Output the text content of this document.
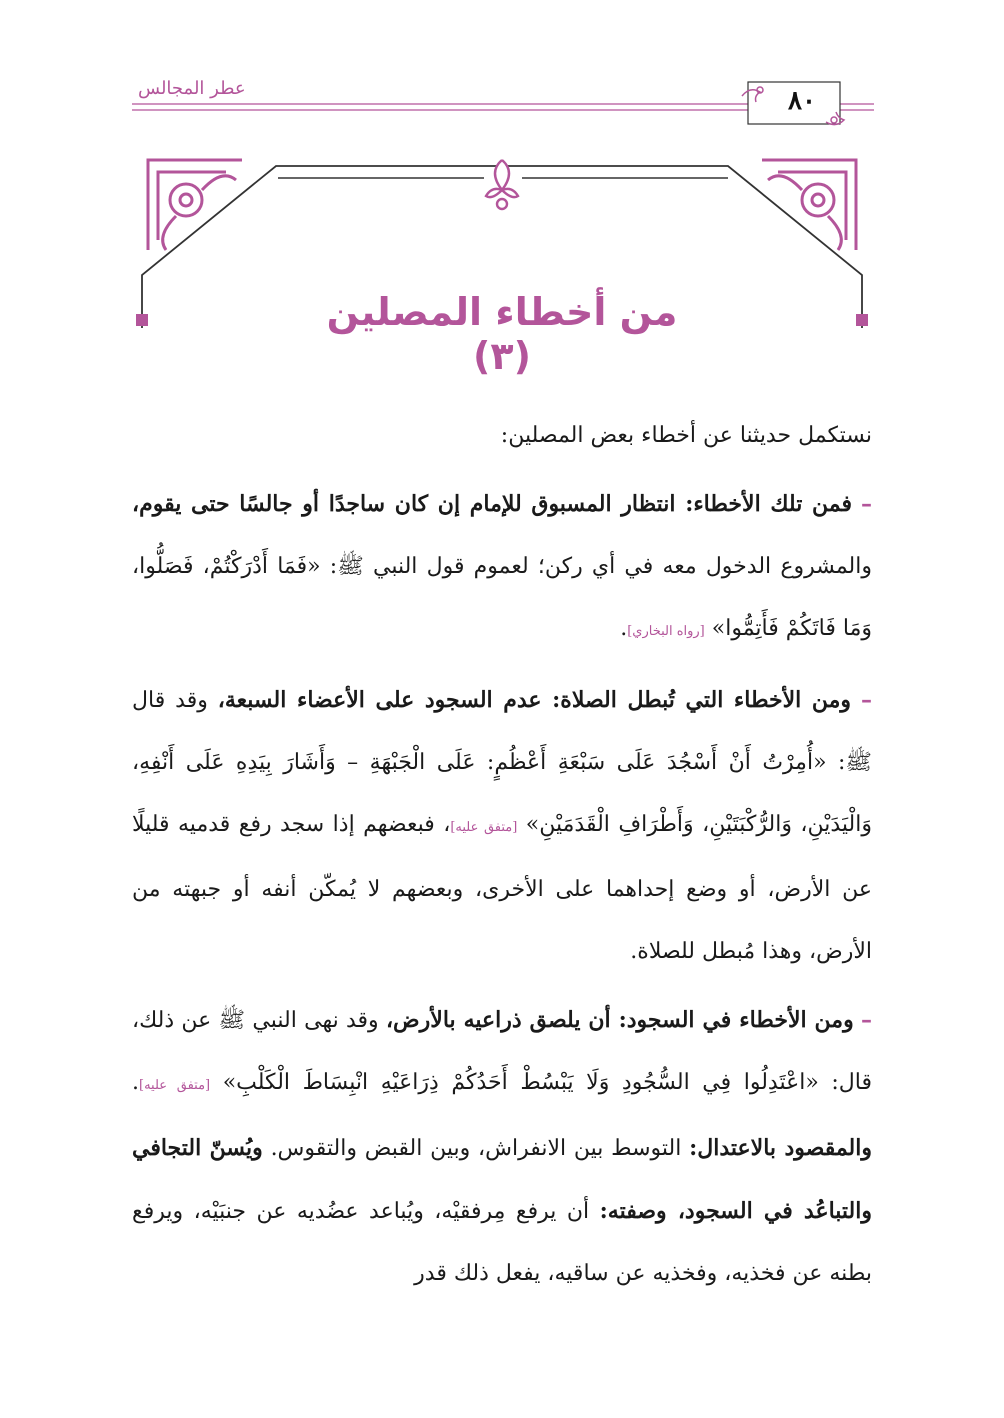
عطر المجالس	٨٠
من أخطاء المصلين (٣)

نستكمل حديثنا عن أخطاء بعض المصلين:

– فمن تلك الأخطاء: انتظار المسبوق للإمام إن كان ساجدًا أو جالسًا حتى يقوم، والمشروع الدخول معه في أي ركن؛ لعموم قول النبي ﷺ: «فَمَا أَدْرَكْتُمْ، فَصَلُّوا، وَمَا فَاتَكُمْ فَأَتِمُّوا» [رواه البخاري].

– ومن الأخطاء التي تُبطل الصلاة: عدم السجود على الأعضاء السبعة، وقد قال ﷺ: «أُمِرْتُ أَنْ أَسْجُدَ عَلَى سَبْعَةِ أَعْظُمٍ: عَلَى الْجَبْهَةِ – وَأَشَارَ بِيَدِهِ عَلَى أَنْفِهِ، وَالْيَدَيْنِ، وَالرُّكْبَتَيْنِ، وَأَطْرَافِ الْقَدَمَيْنِ» [متفق عليه]، فبعضهم إذا سجد رفع قدميه قليلًا عن الأرض، أو وضع إحداهما على الأخرى، وبعضهم لا يُمكّن أنفه أو جبهته من الأرض، وهذا مُبطل للصلاة.

– ومن الأخطاء في السجود: أن يلصق ذراعيه بالأرض، وقد نهى النبي ﷺ عن ذلك، قال: «اعْتَدِلُوا فِي السُّجُودِ وَلَا يَبْسُطْ أَحَدُكُمْ ذِرَاعَيْهِ انْبِسَاطَ الْكَلْبِ» [متفق عليه]. والمقصود بالاعتدال: التوسط بين الانفراش، وبين القبض والتقوس. ويُسنّ التجافي والتباعُد في السجود، وصفته: أن يرفع مِرفقيْه، ويُباعد عضُديه عن جنبَيْه، ويرفع بطنه عن فخذيه، وفخذيه عن ساقيه، يفعل ذلك قدر
